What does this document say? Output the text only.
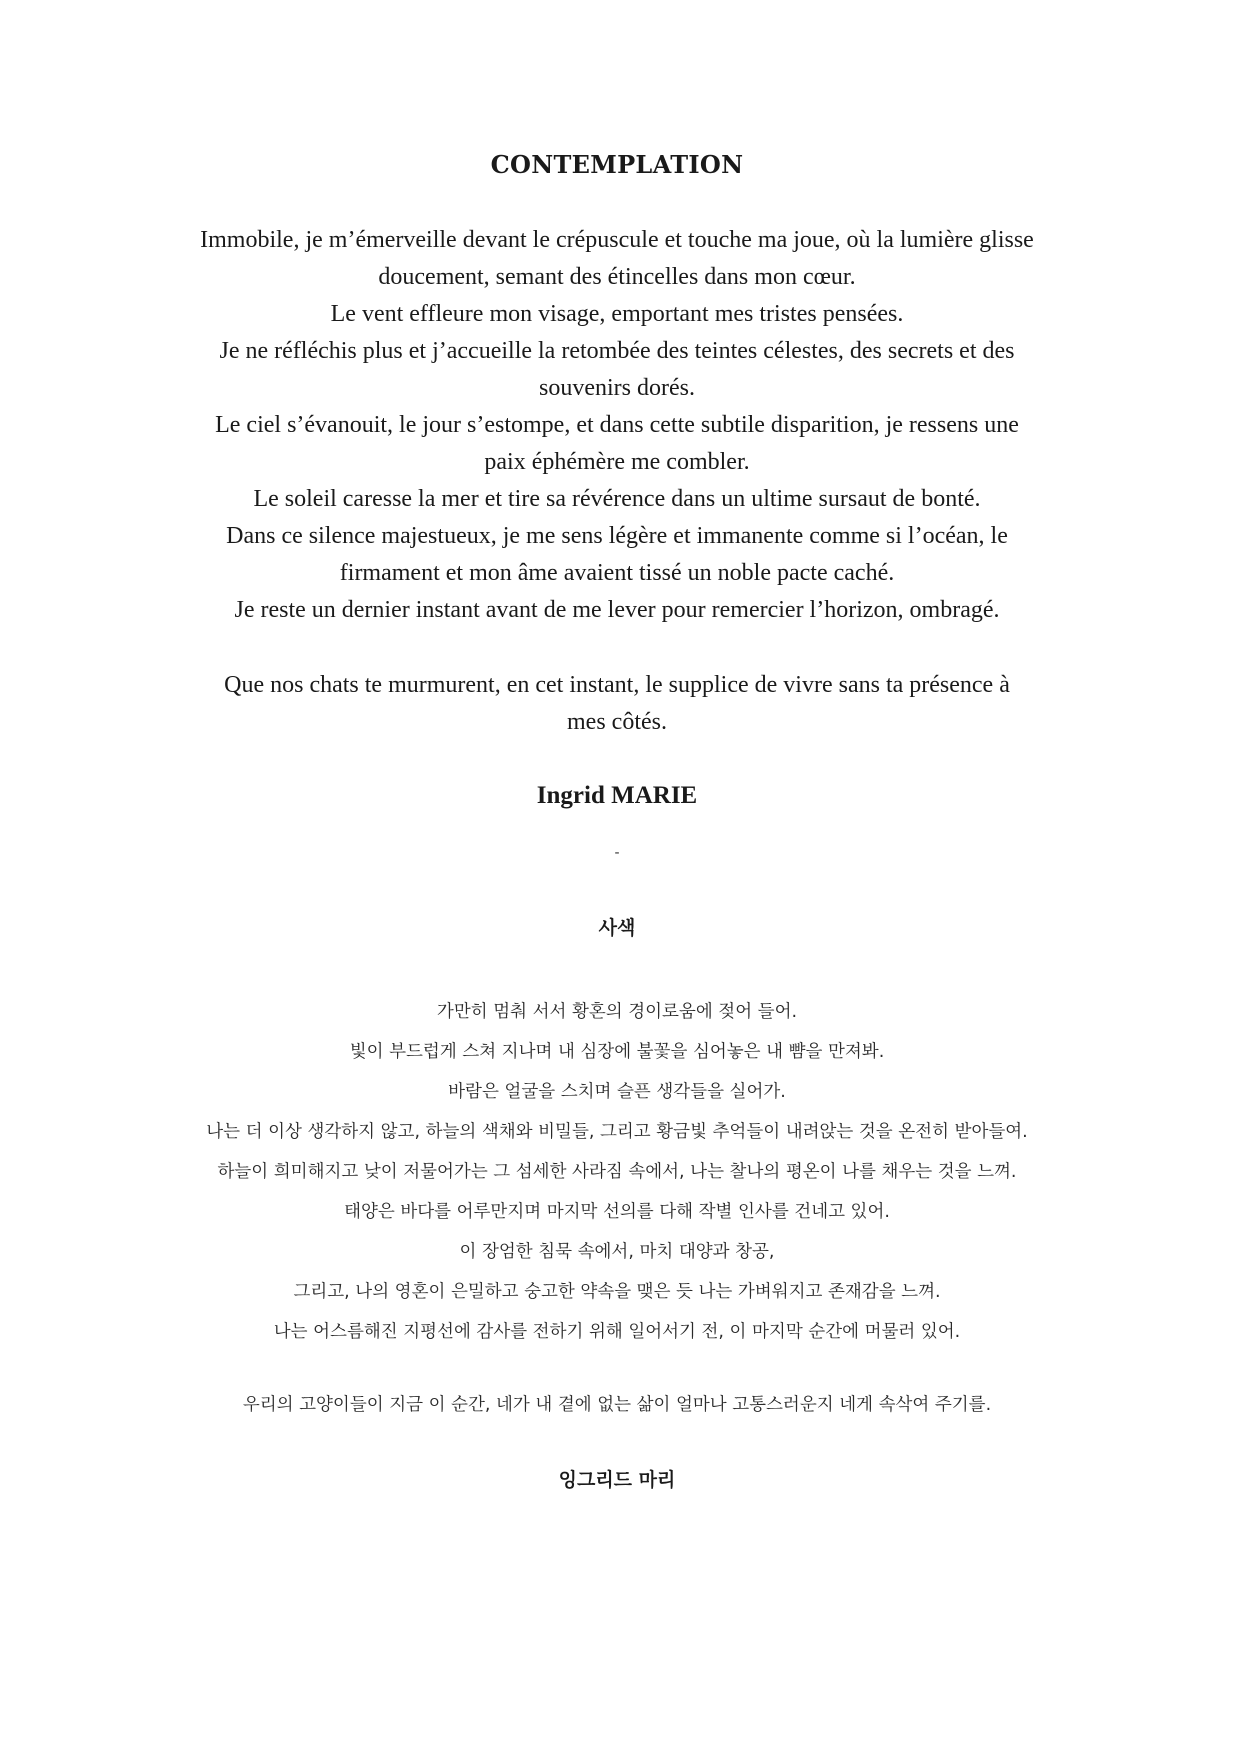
CONTEMPLATION

Immobile, je m’émerveille devant le crépuscule et touche ma joue, où la lumière glisse

doucement, semant des étincelles dans mon cœur.

Le vent effleure mon visage, emportant mes tristes pensées.

Je ne réfléchis plus et j’accueille la retombée des teintes célestes, des secrets et des

souvenirs dorés.

Le ciel s’évanouit, le jour s’estompe, et dans cette subtile disparition, je ressens une

paix éphémère me combler.

Le soleil caresse la mer et tire sa révérence dans un ultime sursaut de bonté.

Dans ce silence majestueux, je me sens légère et immanente comme si l’océan, le

firmament et mon âme avaient tissé un noble pacte caché.

Je reste un dernier instant avant de me lever pour remercier l’horizon, ombragé.

Que nos chats te murmurent, en cet instant, le supplice de vivre sans ta présence à

mes côtés.

Ingrid MARIE
-
사색

가만히 멈춰 서서 황혼의 경이로움에 젖어 들어.

빛이 부드럽게 스쳐 지나며 내 심장에 불꽃을 심어놓은 내 뺨을 만져봐.

바람은 얼굴을 스치며 슬픈 생각들을 실어가.

나는 더 이상 생각하지 않고, 하늘의 색채와 비밀들, 그리고 황금빛 추억들이 내려앉는 것을 온전히 받아들여.

하늘이 희미해지고 낮이 저물어가는 그 섬세한 사라짐 속에서, 나는 찰나의 평온이 나를 채우는 것을 느껴.

태양은 바다를 어루만지며 마지막 선의를 다해 작별 인사를 건네고 있어.

이 장엄한 침묵 속에서, 마치 대양과 창공,

그리고, 나의 영혼이 은밀하고 숭고한 약속을 맺은 듯 나는 가벼워지고 존재감을 느껴.

나는 어스름해진 지평선에 감사를 전하기 위해 일어서기 전, 이 마지막 순간에 머물러 있어.

우리의 고양이들이 지금 이 순간, 네가 내 곁에 없는 삶이 얼마나 고통스러운지 네게 속삭여 주기를.
잉그리드 마리
